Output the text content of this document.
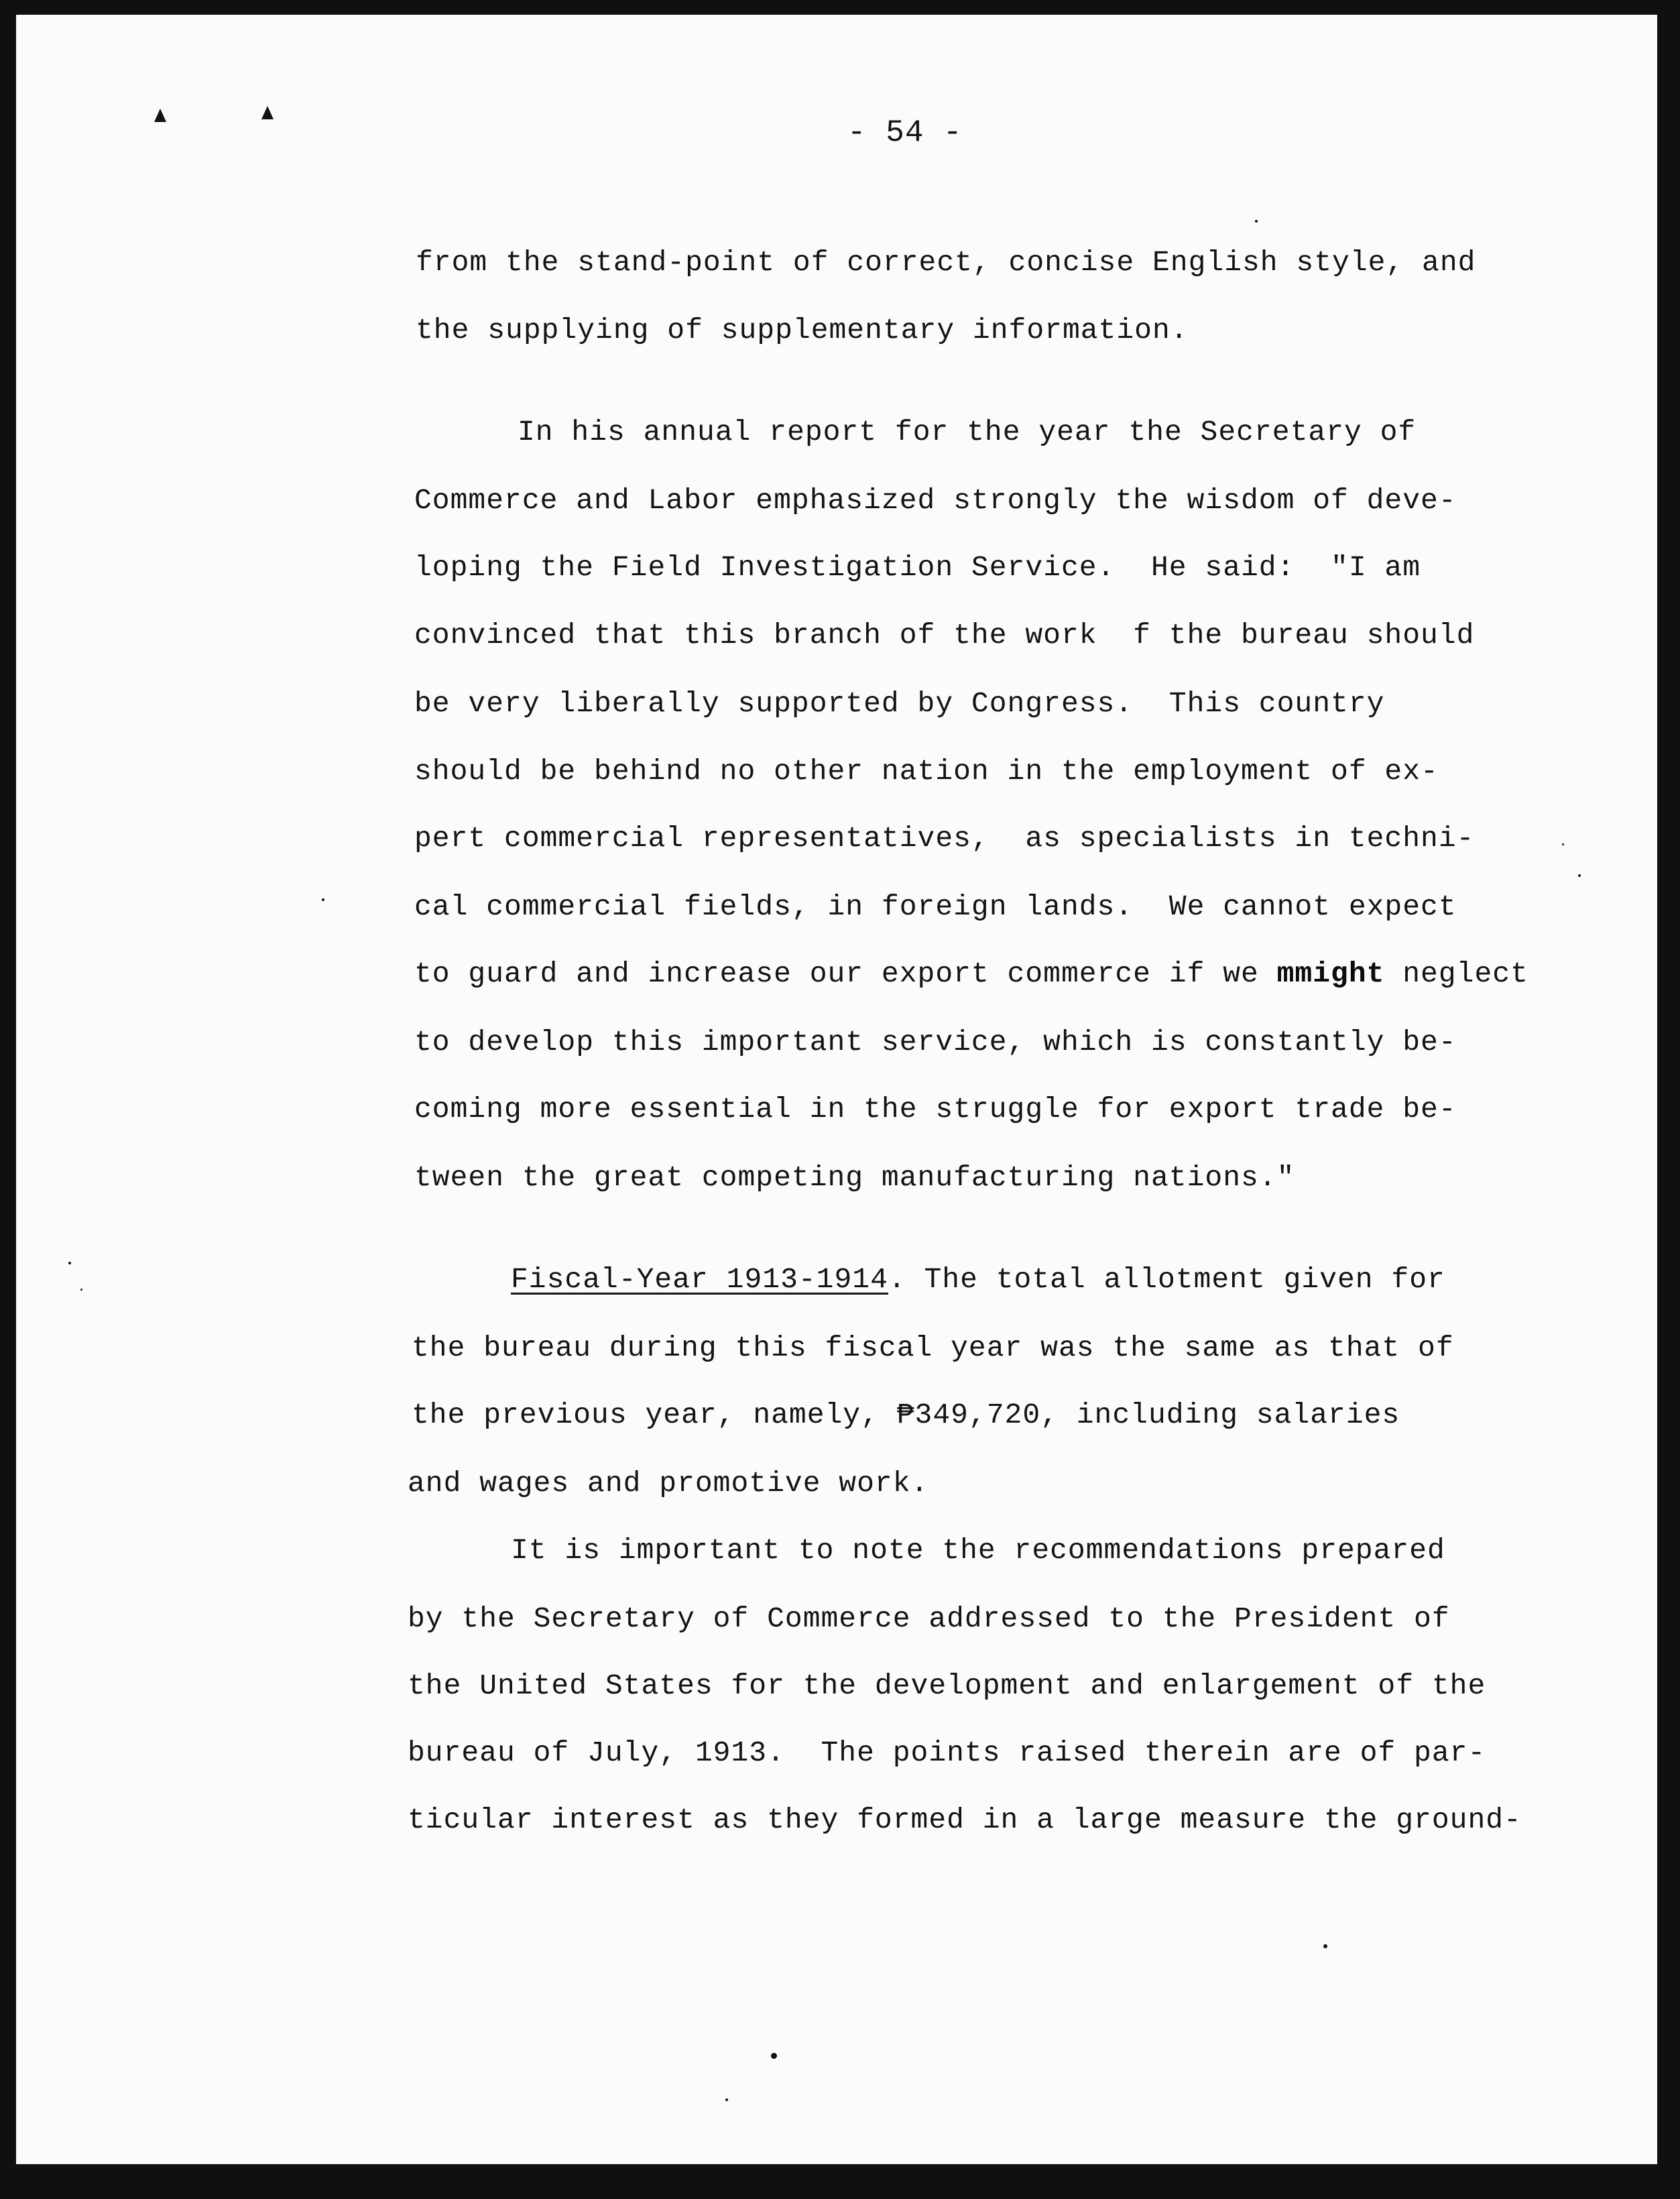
- 54 -
from the stand-point of correct, concise English style, and
the supplying of supplementary information.
In his annual report for the year the Secretary of
Commerce and Labor emphasized strongly the wisdom of deve-
loping the Field Investigation Service.  He said:  "I am
convinced that this branch of the work  f the bureau should
be very liberally supported by Congress.  This country
should be behind no other nation in the employment of ex-
pert commercial representatives,  as specialists in techni-
cal commercial fields, in foreign lands.  We cannot expect
to guard and increase our export commerce if we mmight neglect
to develop this important service, which is constantly be-
coming more essential in the struggle for export trade be-
tween the great competing manufacturing nations."
Fiscal-Year 1913-1914. The total allotment given for
the bureau during this fiscal year was the same as that of
the previous year, namely, ₱349,720, including salaries
and wages and promotive work.
It is important to note the recommendations prepared
by the Secretary of Commerce addressed to the President of
the United States for the development and enlargement of the
bureau of July, 1913.  The points raised therein are of par-
ticular interest as they formed in a large measure the ground-
